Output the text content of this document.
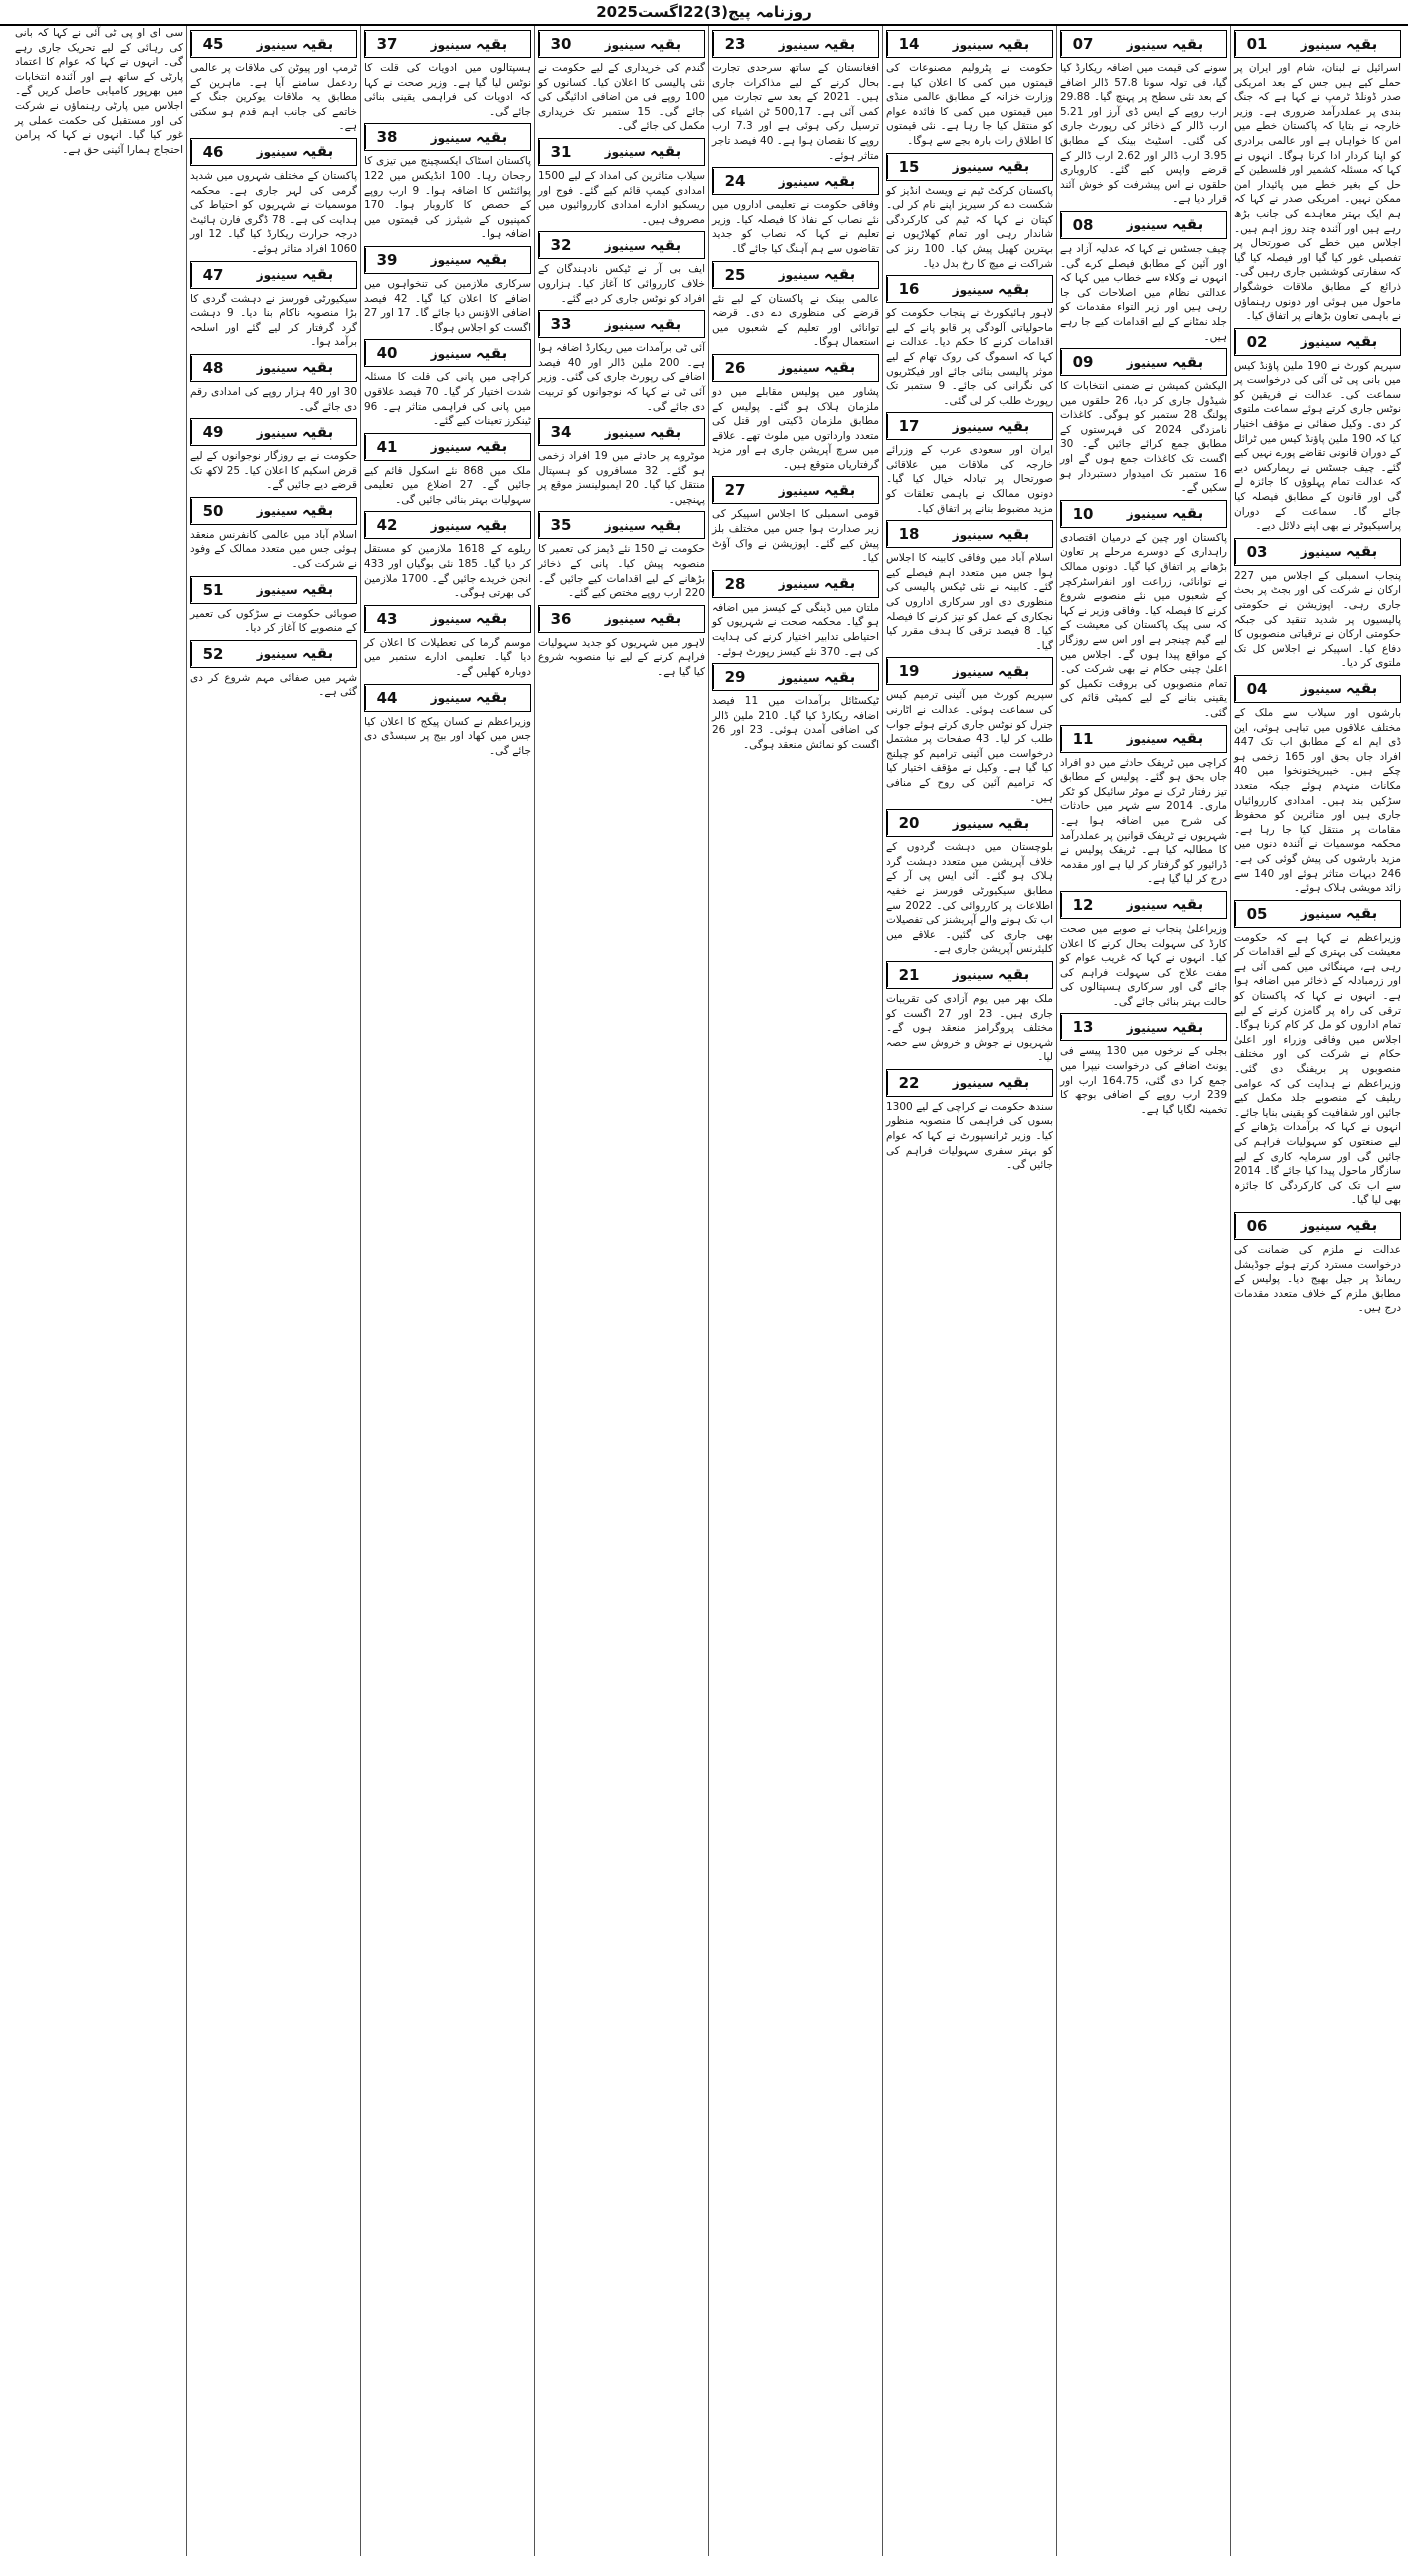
روزنامہ پیج(3)22اگست2025
01	بقیہ سینیوز
اسرائیل نے لبنان، شام اور ایران پر حملے کیے ہیں جس کے بعد امریکی صدر ڈونلڈ ٹرمپ نے کہا ہے کہ جنگ بندی پر عملدرآمد ضروری ہے۔ وزیر خارجہ نے بتایا کہ پاکستان خطے میں امن کا خواہاں ہے اور عالمی برادری کو اپنا کردار ادا کرنا ہوگا۔ انہوں نے کہا کہ مسئلہ کشمیر اور فلسطین کے حل کے بغیر خطے میں پائیدار امن ممکن نہیں۔ امریکی صدر نے کہا کہ ہم ایک بہتر معاہدے کی جانب بڑھ رہے ہیں اور آئندہ چند روز اہم ہیں۔ اجلاس میں خطے کی صورتحال پر تفصیلی غور کیا گیا اور فیصلہ کیا گیا کہ سفارتی کوششیں جاری رہیں گی۔ ذرائع کے مطابق ملاقات خوشگوار ماحول میں ہوئی اور دونوں رہنماؤں نے باہمی تعاون بڑھانے پر اتفاق کیا۔
02	بقیہ سینیوز
سپریم کورٹ نے 190 ملین پاؤنڈ کیس میں بانی پی ٹی آئی کی درخواست پر سماعت کی۔ عدالت نے فریقین کو نوٹس جاری کرتے ہوئے سماعت ملتوی کر دی۔ وکیل صفائی نے مؤقف اختیار کیا کہ 190 ملین پاؤنڈ کیس میں ٹرائل کے دوران قانونی تقاضے پورے نہیں کیے گئے۔ چیف جسٹس نے ریمارکس دیے کہ عدالت تمام پہلوؤں کا جائزہ لے گی اور قانون کے مطابق فیصلہ کیا جائے گا۔ سماعت کے دوران پراسیکیوٹر نے بھی اپنے دلائل دیے۔
03	بقیہ سینیوز
پنجاب اسمبلی کے اجلاس میں 227 ارکان نے شرکت کی اور بجٹ پر بحث جاری رہی۔ اپوزیشن نے حکومتی پالیسیوں پر شدید تنقید کی جبکہ حکومتی ارکان نے ترقیاتی منصوبوں کا دفاع کیا۔ اسپیکر نے اجلاس کل تک ملتوی کر دیا۔
04	بقیہ سینیوز
بارشوں اور سیلاب سے ملک کے مختلف علاقوں میں تباہی ہوئی، این ڈی ایم اے کے مطابق اب تک 447 افراد جاں بحق اور 165 زخمی ہو چکے ہیں۔ خیبرپختونخوا میں 40 مکانات منہدم ہوئے جبکہ متعدد سڑکیں بند ہیں۔ امدادی کارروائیاں جاری ہیں اور متاثرین کو محفوظ مقامات پر منتقل کیا جا رہا ہے۔ محکمہ موسمیات نے آئندہ دنوں میں مزید بارشوں کی پیش گوئی کی ہے۔ 246 دیہات متاثر ہوئے اور 140 سے زائد مویشی ہلاک ہوئے۔
05	بقیہ سینیوز
وزیراعظم نے کہا ہے کہ حکومت معیشت کی بہتری کے لیے اقدامات کر رہی ہے، مہنگائی میں کمی آئی ہے اور زرمبادلہ کے ذخائر میں اضافہ ہوا ہے۔ انہوں نے کہا کہ پاکستان کو ترقی کی راہ پر گامزن کرنے کے لیے تمام اداروں کو مل کر کام کرنا ہوگا۔ اجلاس میں وفاقی وزراء اور اعلیٰ حکام نے شرکت کی اور مختلف منصوبوں پر بریفنگ دی گئی۔ وزیراعظم نے ہدایت کی کہ عوامی ریلیف کے منصوبے جلد مکمل کیے جائیں اور شفافیت کو یقینی بنایا جائے۔ انہوں نے کہا کہ برآمدات بڑھانے کے لیے صنعتوں کو سہولیات فراہم کی جائیں گی اور سرمایہ کاری کے لیے سازگار ماحول پیدا کیا جائے گا۔ 2014 سے اب تک کی کارکردگی کا جائزہ بھی لیا گیا۔
06	بقیہ سینیوز
عدالت نے ملزم کی ضمانت کی درخواست مسترد کرتے ہوئے جوڈیشل ریمانڈ پر جیل بھیج دیا۔ پولیس کے مطابق ملزم کے خلاف متعدد مقدمات درج ہیں۔
07	بقیہ سینیوز
سونے کی قیمت میں اضافہ ریکارڈ کیا گیا، فی تولہ سونا 57.8 ڈالر اضافے کے بعد نئی سطح پر پہنچ گیا۔ 29.88 ارب روپے کے ایس ڈی آرز اور 5.21 ارب ڈالر کے ذخائر کی رپورٹ جاری کی گئی۔ اسٹیٹ بینک کے مطابق 3.95 ارب ڈالر اور 2.62 ارب ڈالر کے قرضے واپس کیے گئے۔ کاروباری حلقوں نے اس پیشرفت کو خوش آئند قرار دیا ہے۔
08	بقیہ سینیوز
چیف جسٹس نے کہا کہ عدلیہ آزاد ہے اور آئین کے مطابق فیصلے کرے گی۔ انہوں نے وکلاء سے خطاب میں کہا کہ عدالتی نظام میں اصلاحات کی جا رہی ہیں اور زیر التواء مقدمات کو جلد نمٹانے کے لیے اقدامات کیے جا رہے ہیں۔
09	بقیہ سینیوز
الیکشن کمیشن نے ضمنی انتخابات کا شیڈول جاری کر دیا، 26 حلقوں میں پولنگ 28 ستمبر کو ہوگی۔ کاغذات نامزدگی 2024 کی فہرستوں کے مطابق جمع کرائے جائیں گے۔ 30 اگست تک کاغذات جمع ہوں گے اور 16 ستمبر تک امیدوار دستبردار ہو سکیں گے۔
10	بقیہ سینیوز
پاکستان اور چین کے درمیان اقتصادی راہداری کے دوسرے مرحلے پر تعاون بڑھانے پر اتفاق کیا گیا۔ دونوں ممالک نے توانائی، زراعت اور انفراسٹرکچر کے شعبوں میں نئے منصوبے شروع کرنے کا فیصلہ کیا۔ وفاقی وزیر نے کہا کہ سی پیک پاکستان کی معیشت کے لیے گیم چینجر ہے اور اس سے روزگار کے مواقع پیدا ہوں گے۔ اجلاس میں اعلیٰ چینی حکام نے بھی شرکت کی۔ تمام منصوبوں کی بروقت تکمیل کو یقینی بنانے کے لیے کمیٹی قائم کی گئی۔
11	بقیہ سینیوز
کراچی میں ٹریفک حادثے میں دو افراد جاں بحق ہو گئے۔ پولیس کے مطابق تیز رفتار ٹرک نے موٹر سائیکل کو ٹکر ماری۔ 2014 سے شہر میں حادثات کی شرح میں اضافہ ہوا ہے۔ شہریوں نے ٹریفک قوانین پر عملدرآمد کا مطالبہ کیا ہے۔ ٹریفک پولیس نے ڈرائیور کو گرفتار کر لیا ہے اور مقدمہ درج کر لیا گیا ہے۔
12	بقیہ سینیوز
وزیراعلیٰ پنجاب نے صوبے میں صحت کارڈ کی سہولت بحال کرنے کا اعلان کیا۔ انہوں نے کہا کہ غریب عوام کو مفت علاج کی سہولت فراہم کی جائے گی اور سرکاری ہسپتالوں کی حالت بہتر بنائی جائے گی۔
13	بقیہ سینیوز
بجلی کے نرخوں میں 130 پیسے فی یونٹ اضافے کی درخواست نیپرا میں جمع کرا دی گئی، 164.75 ارب اور 239 ارب روپے کے اضافی بوجھ کا تخمینہ لگایا گیا ہے۔
14	بقیہ سینیوز
حکومت نے پٹرولیم مصنوعات کی قیمتوں میں کمی کا اعلان کیا ہے۔ وزارت خزانہ کے مطابق عالمی منڈی میں قیمتوں میں کمی کا فائدہ عوام کو منتقل کیا جا رہا ہے۔ نئی قیمتوں کا اطلاق رات بارہ بجے سے ہوگا۔
15	بقیہ سینیوز
پاکستان کرکٹ ٹیم نے ویسٹ انڈیز کو شکست دے کر سیریز اپنے نام کر لی۔ کپتان نے کہا کہ ٹیم کی کارکردگی شاندار رہی اور تمام کھلاڑیوں نے بہترین کھیل پیش کیا۔ 100 رنز کی شراکت نے میچ کا رخ بدل دیا۔
16	بقیہ سینیوز
لاہور ہائیکورٹ نے پنجاب حکومت کو ماحولیاتی آلودگی پر قابو پانے کے لیے اقدامات کرنے کا حکم دیا۔ عدالت نے کہا کہ اسموگ کی روک تھام کے لیے موثر پالیسی بنائی جائے اور فیکٹریوں کی نگرانی کی جائے۔ 9 ستمبر تک رپورٹ طلب کر لی گئی۔
17	بقیہ سینیوز
ایران اور سعودی عرب کے وزرائے خارجہ کی ملاقات میں علاقائی صورتحال پر تبادلہ خیال کیا گیا۔ دونوں ممالک نے باہمی تعلقات کو مزید مضبوط بنانے پر اتفاق کیا۔
18	بقیہ سینیوز
اسلام آباد میں وفاقی کابینہ کا اجلاس ہوا جس میں متعدد اہم فیصلے کیے گئے۔ کابینہ نے نئی ٹیکس پالیسی کی منظوری دی اور سرکاری اداروں کی نجکاری کے عمل کو تیز کرنے کا فیصلہ کیا۔ 8 فیصد ترقی کا ہدف مقرر کیا گیا۔
19	بقیہ سینیوز
سپریم کورٹ میں آئینی ترمیم کیس کی سماعت ہوئی۔ عدالت نے اٹارنی جنرل کو نوٹس جاری کرتے ہوئے جواب طلب کر لیا۔ 43 صفحات پر مشتمل درخواست میں آئینی ترامیم کو چیلنج کیا گیا ہے۔ وکیل نے مؤقف اختیار کیا کہ ترامیم آئین کی روح کے منافی ہیں۔
20	بقیہ سینیوز
بلوچستان میں دہشت گردوں کے خلاف آپریشن میں متعدد دہشت گرد ہلاک ہو گئے۔ آئی ایس پی آر کے مطابق سیکیورٹی فورسز نے خفیہ اطلاعات پر کارروائی کی۔ 2022 سے اب تک ہونے والے آپریشنز کی تفصیلات بھی جاری کی گئیں۔ علاقے میں کلیئرنس آپریشن جاری ہے۔
21	بقیہ سینیوز
ملک بھر میں یوم آزادی کی تقریبات جاری ہیں۔ 23 اور 27 اگست کو مختلف پروگرامز منعقد ہوں گے۔ شہریوں نے جوش و خروش سے حصہ لیا۔
22	بقیہ سینیوز
سندھ حکومت نے کراچی کے لیے 1300 بسوں کی فراہمی کا منصوبہ منظور کیا۔ وزیر ٹرانسپورٹ نے کہا کہ عوام کو بہتر سفری سہولیات فراہم کی جائیں گی۔
23	بقیہ سینیوز
افغانستان کے ساتھ سرحدی تجارت بحال کرنے کے لیے مذاکرات جاری ہیں۔ 2021 کے بعد سے تجارت میں کمی آئی ہے۔ 500,17 ٹن اشیاء کی ترسیل رکی ہوئی ہے اور 7.3 ارب روپے کا نقصان ہوا ہے۔ 40 فیصد تاجر متاثر ہوئے۔
24	بقیہ سینیوز
وفاقی حکومت نے تعلیمی اداروں میں نئے نصاب کے نفاذ کا فیصلہ کیا۔ وزیر تعلیم نے کہا کہ نصاب کو جدید تقاضوں سے ہم آہنگ کیا جائے گا۔
25	بقیہ سینیوز
عالمی بینک نے پاکستان کے لیے نئے قرضے کی منظوری دے دی۔ قرضہ توانائی اور تعلیم کے شعبوں میں استعمال ہوگا۔
26	بقیہ سینیوز
پشاور میں پولیس مقابلے میں دو ملزمان ہلاک ہو گئے۔ پولیس کے مطابق ملزمان ڈکیتی اور قتل کی متعدد وارداتوں میں ملوث تھے۔ علاقے میں سرچ آپریشن جاری ہے اور مزید گرفتاریاں متوقع ہیں۔
27	بقیہ سینیوز
قومی اسمبلی کا اجلاس اسپیکر کی زیر صدارت ہوا جس میں مختلف بلز پیش کیے گئے۔ اپوزیشن نے واک آؤٹ کیا۔
28	بقیہ سینیوز
ملتان میں ڈینگی کے کیسز میں اضافہ ہو گیا۔ محکمہ صحت نے شہریوں کو احتیاطی تدابیر اختیار کرنے کی ہدایت کی ہے۔ 370 نئے کیسز رپورٹ ہوئے۔
29	بقیہ سینیوز
ٹیکسٹائل برآمدات میں 11 فیصد اضافہ ریکارڈ کیا گیا۔ 210 ملین ڈالر کی اضافی آمدن ہوئی۔ 23 اور 26 اگست کو نمائش منعقد ہوگی۔
30	بقیہ سینیوز
گندم کی خریداری کے لیے حکومت نے نئی پالیسی کا اعلان کیا۔ کسانوں کو 100 روپے فی من اضافی ادائیگی کی جائے گی۔ 15 ستمبر تک خریداری مکمل کی جائے گی۔
31	بقیہ سینیوز
سیلاب متاثرین کی امداد کے لیے 1500 امدادی کیمپ قائم کیے گئے۔ فوج اور ریسکیو ادارے امدادی کارروائیوں میں مصروف ہیں۔
32	بقیہ سینیوز
ایف بی آر نے ٹیکس نادہندگان کے خلاف کارروائی کا آغاز کیا۔ ہزاروں افراد کو نوٹس جاری کر دیے گئے۔
33	بقیہ سینیوز
آئی ٹی برآمدات میں ریکارڈ اضافہ ہوا ہے۔ 200 ملین ڈالر اور 40 فیصد اضافے کی رپورٹ جاری کی گئی۔ وزیر آئی ٹی نے کہا کہ نوجوانوں کو تربیت دی جائے گی۔
34	بقیہ سینیوز
موٹروے پر حادثے میں 19 افراد زخمی ہو گئے۔ 32 مسافروں کو ہسپتال منتقل کیا گیا۔ 20 ایمبولینسز موقع پر پہنچیں۔
35	بقیہ سینیوز
حکومت نے 150 نئے ڈیمز کی تعمیر کا منصوبہ پیش کیا۔ پانی کے ذخائر بڑھانے کے لیے اقدامات کیے جائیں گے۔ 220 ارب روپے مختص کیے گئے۔
36	بقیہ سینیوز
لاہور میں شہریوں کو جدید سہولیات فراہم کرنے کے لیے نیا منصوبہ شروع کیا گیا ہے۔
37	بقیہ سینیوز
ہسپتالوں میں ادویات کی قلت کا نوٹس لیا گیا ہے۔ وزیر صحت نے کہا کہ ادویات کی فراہمی یقینی بنائی جائے گی۔
38	بقیہ سینیوز
پاکستان اسٹاک ایکسچینج میں تیزی کا رجحان رہا۔ 100 انڈیکس میں 122 پوائنٹس کا اضافہ ہوا۔ 9 ارب روپے کے حصص کا کاروبار ہوا۔ 170 کمپنیوں کے شیئرز کی قیمتوں میں اضافہ ہوا۔
39	بقیہ سینیوز
سرکاری ملازمین کی تنخواہوں میں اضافے کا اعلان کیا گیا۔ 42 فیصد اضافی الاؤنس دیا جائے گا۔ 17 اور 27 اگست کو اجلاس ہوگا۔
40	بقیہ سینیوز
کراچی میں پانی کی قلت کا مسئلہ شدت اختیار کر گیا۔ 70 فیصد علاقوں میں پانی کی فراہمی متاثر ہے۔ 96 ٹینکرز تعینات کیے گئے۔
41	بقیہ سینیوز
ملک میں 868 نئے اسکول قائم کیے جائیں گے۔ 27 اضلاع میں تعلیمی سہولیات بہتر بنائی جائیں گی۔
42	بقیہ سینیوز
ریلوے کے 1618 ملازمین کو مستقل کر دیا گیا۔ 185 نئی بوگیاں اور 433 انجن خریدے جائیں گے۔ 1700 ملازمین کی بھرتی ہوگی۔
43	بقیہ سینیوز
موسم گرما کی تعطیلات کا اعلان کر دیا گیا۔ تعلیمی ادارے ستمبر میں دوبارہ کھلیں گے۔
44	بقیہ سینیوز
وزیراعظم نے کسان پیکج کا اعلان کیا جس میں کھاد اور بیج پر سبسڈی دی جائے گی۔
45	بقیہ سینیوز
ٹرمپ اور پیوٹن کی ملاقات پر عالمی ردعمل سامنے آیا ہے۔ ماہرین کے مطابق یہ ملاقات یوکرین جنگ کے خاتمے کی جانب اہم قدم ہو سکتی ہے۔
46	بقیہ سینیوز
پاکستان کے مختلف شہروں میں شدید گرمی کی لہر جاری ہے۔ محکمہ موسمیات نے شہریوں کو احتیاط کی ہدایت کی ہے۔ 78 ڈگری فارن ہائیٹ درجہ حرارت ریکارڈ کیا گیا۔ 12 اور 1060 افراد متاثر ہوئے۔
47	بقیہ سینیوز
سیکیورٹی فورسز نے دہشت گردی کا بڑا منصوبہ ناکام بنا دیا۔ 9 دہشت گرد گرفتار کر لیے گئے اور اسلحہ برآمد ہوا۔
48	بقیہ سینیوز
30 اور 40 ہزار روپے کی امدادی رقم دی جائے گی۔
49	بقیہ سینیوز
حکومت نے بے روزگار نوجوانوں کے لیے قرض اسکیم کا اعلان کیا۔ 25 لاکھ تک قرضے دیے جائیں گے۔
50	بقیہ سینیوز
اسلام آباد میں عالمی کانفرنس منعقد ہوئی جس میں متعدد ممالک کے وفود نے شرکت کی۔
51	بقیہ سینیوز
صوبائی حکومت نے سڑکوں کی تعمیر کے منصوبے کا آغاز کر دیا۔
52	بقیہ سینیوز
شہر میں صفائی مہم شروع کر دی گئی ہے۔
سی ای او پی ٹی آئی نے کہا کہ بانی کی رہائی کے لیے تحریک جاری رہے گی۔ انہوں نے کہا کہ عوام کا اعتماد پارٹی کے ساتھ ہے اور آئندہ انتخابات میں بھرپور کامیابی حاصل کریں گے۔ اجلاس میں پارٹی رہنماؤں نے شرکت کی اور مستقبل کی حکمت عملی پر غور کیا گیا۔ انہوں نے کہا کہ پرامن احتجاج ہمارا آئینی حق ہے۔
